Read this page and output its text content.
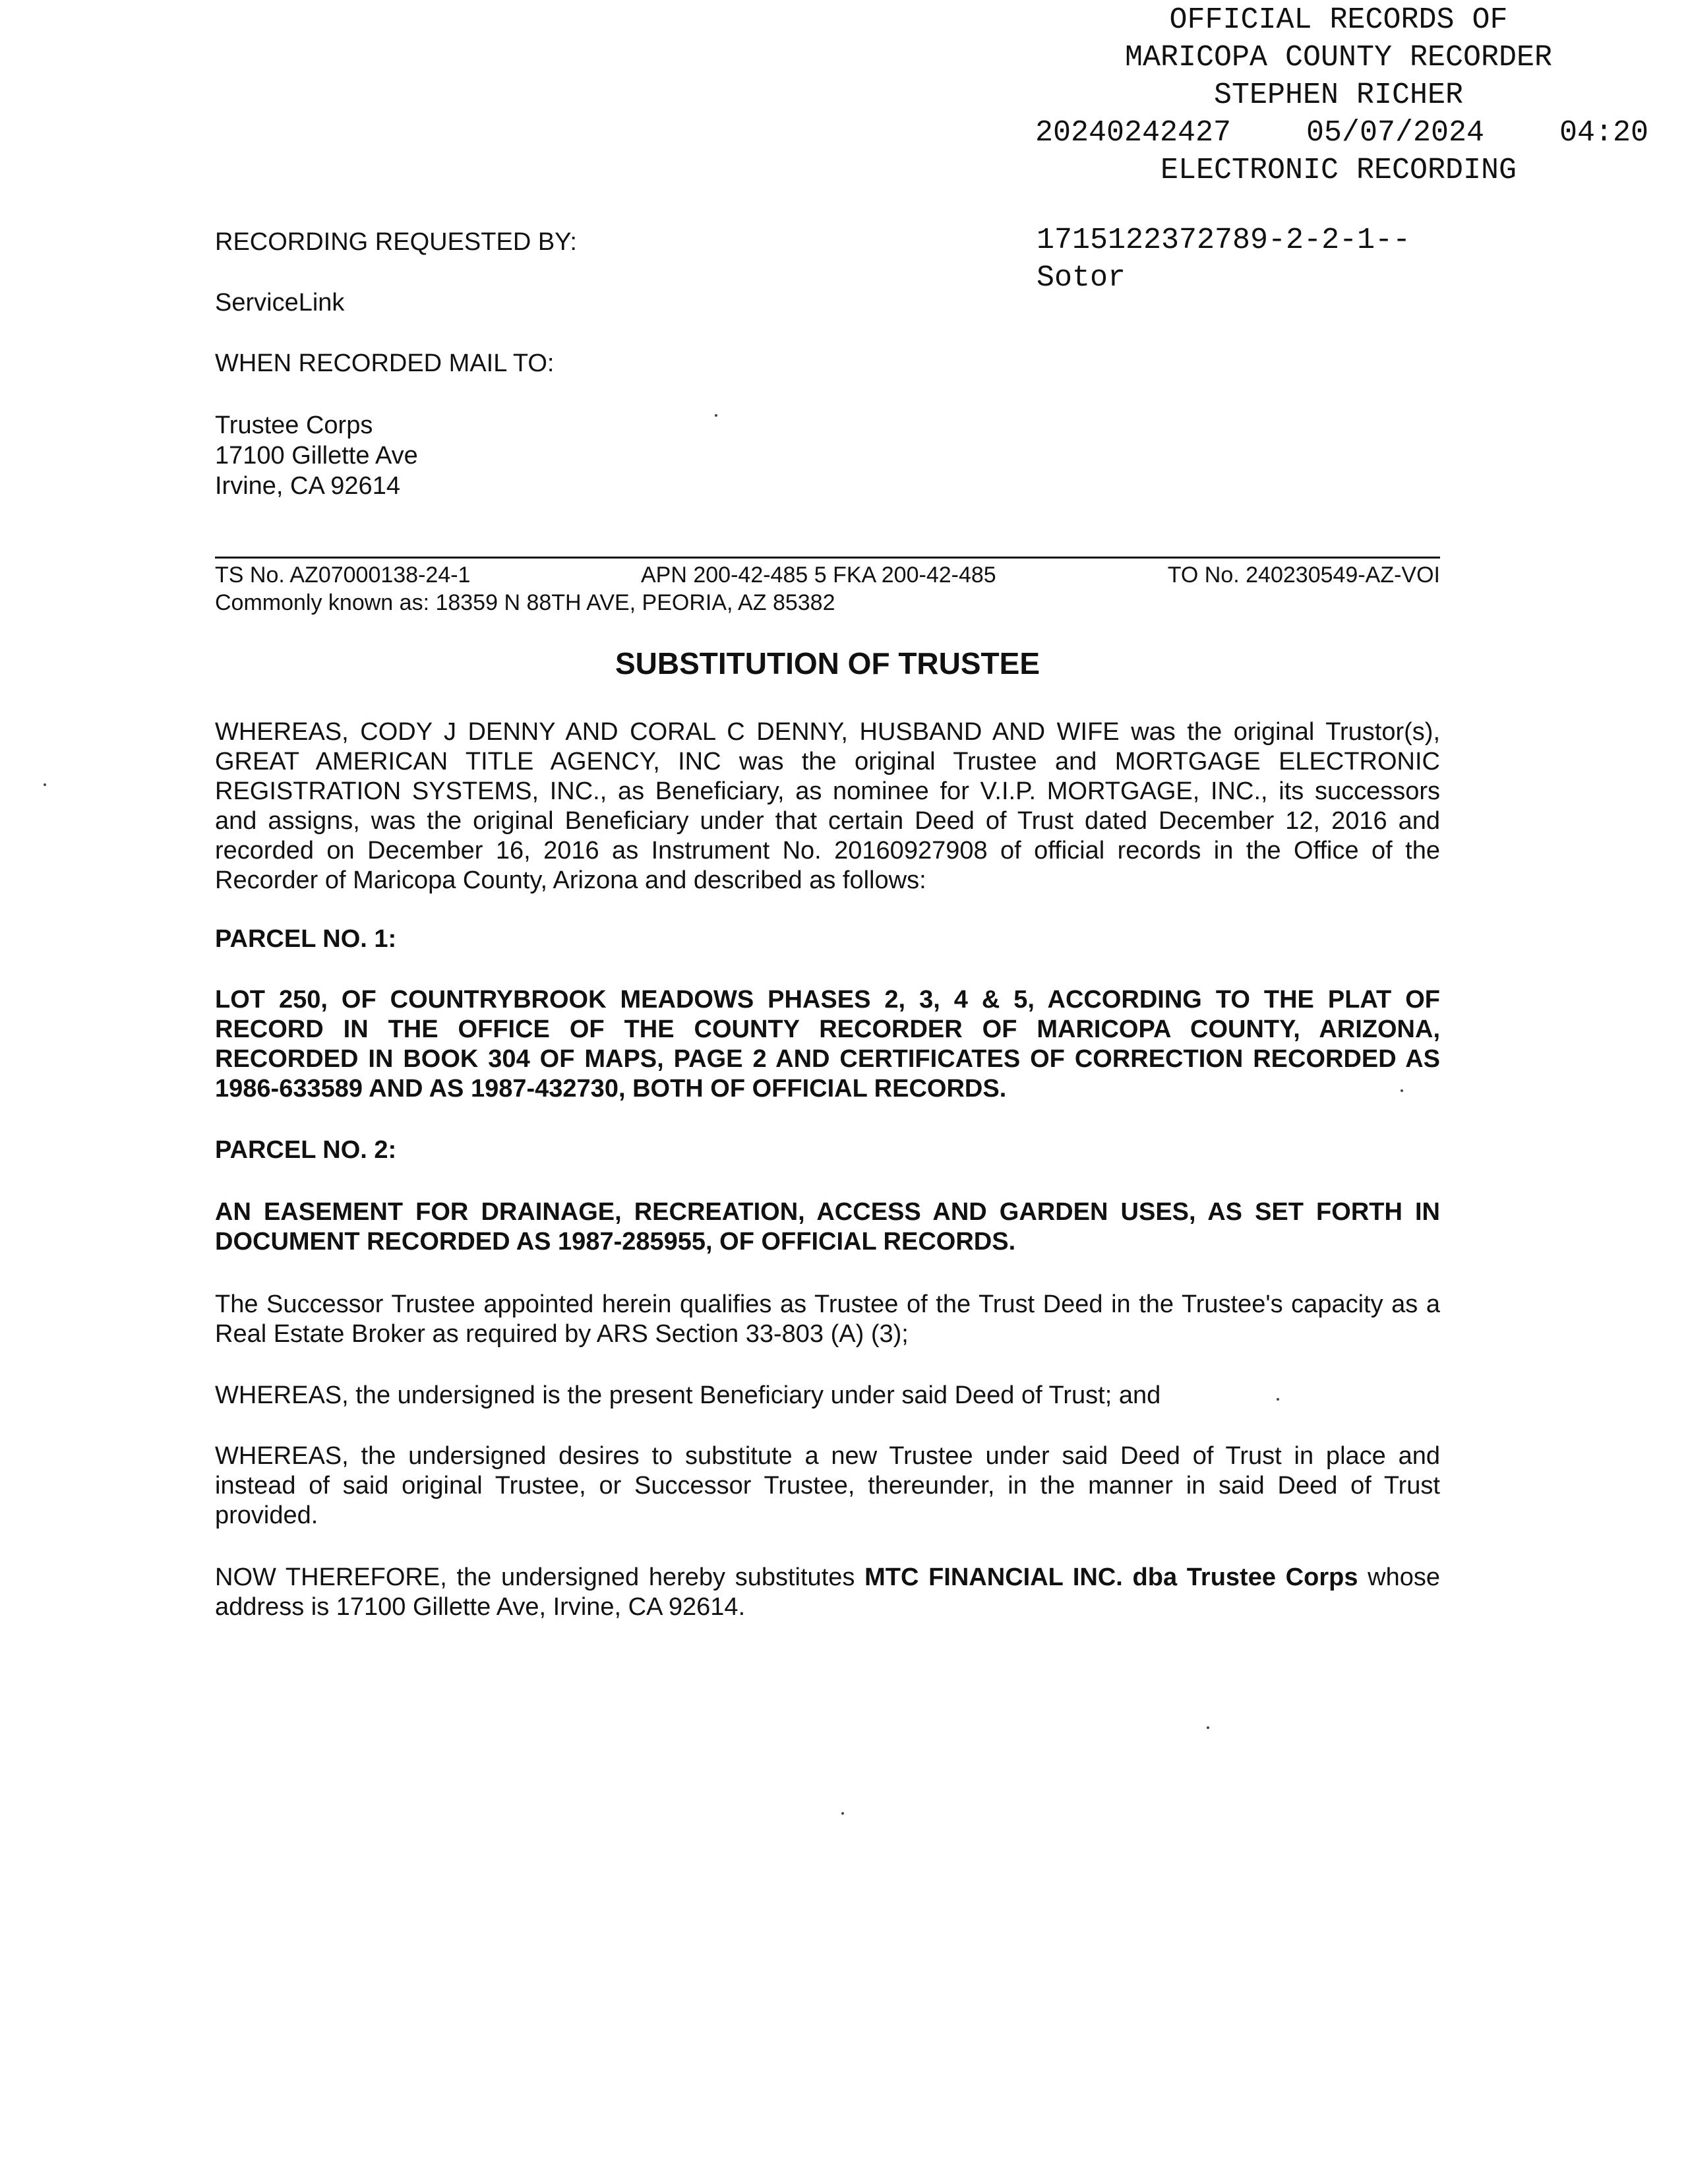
OFFICIAL RECORDS OF
MARICOPA COUNTY RECORDER
STEPHEN RICHER
20240242427	05/07/2024	04:20
ELECTRONIC RECORDING
1715122372789-2-2-1--
Sotor
RECORDING REQUESTED BY:
ServiceLink
WHEN RECORDED MAIL TO:
Trustee Corps
17100 Gillette Ave
Irvine, CA 92614
TS No. AZ07000138-24-1	APN 200-42-485 5 FKA 200-42-485	TO No. 240230549-AZ-VOI
Commonly known as: 18359 N 88TH AVE, PEORIA, AZ 85382
SUBSTITUTION OF TRUSTEE
WHEREAS, CODY J DENNY AND CORAL C DENNY, HUSBAND AND WIFE was the original Trustor(s), GREAT AMERICAN TITLE AGENCY, INC was the original Trustee and MORTGAGE ELECTRONIC REGISTRATION SYSTEMS, INC., as Beneficiary, as nominee for V.I.P. MORTGAGE, INC., its successors and assigns, was the original Beneficiary under that certain Deed of Trust dated December 12, 2016 and recorded on December 16, 2016 as Instrument No. 20160927908 of official records in the Office of the Recorder of Maricopa County, Arizona and described as follows:
PARCEL NO. 1:
LOT 250, OF COUNTRYBROOK MEADOWS PHASES 2, 3, 4 & 5, ACCORDING TO THE PLAT OF RECORD IN THE OFFICE OF THE COUNTY RECORDER OF MARICOPA COUNTY, ARIZONA, RECORDED IN BOOK 304 OF MAPS, PAGE 2 AND CERTIFICATES OF CORRECTION RECORDED AS 1986-633589 AND AS 1987-432730, BOTH OF OFFICIAL RECORDS.
PARCEL NO. 2:
AN EASEMENT FOR DRAINAGE, RECREATION, ACCESS AND GARDEN USES, AS SET FORTH IN DOCUMENT RECORDED AS 1987-285955, OF OFFICIAL RECORDS.
The Successor Trustee appointed herein qualifies as Trustee of the Trust Deed in the Trustee's capacity as a Real Estate Broker as required by ARS Section 33-803 (A) (3);
WHEREAS, the undersigned is the present Beneficiary under said Deed of Trust; and
WHEREAS, the undersigned desires to substitute a new Trustee under said Deed of Trust in place and instead of said original Trustee, or Successor Trustee, thereunder, in the manner in said Deed of Trust provided.
NOW THEREFORE, the undersigned hereby substitutes MTC FINANCIAL INC. dba Trustee Corps whose address is 17100 Gillette Ave, Irvine, CA 92614.
